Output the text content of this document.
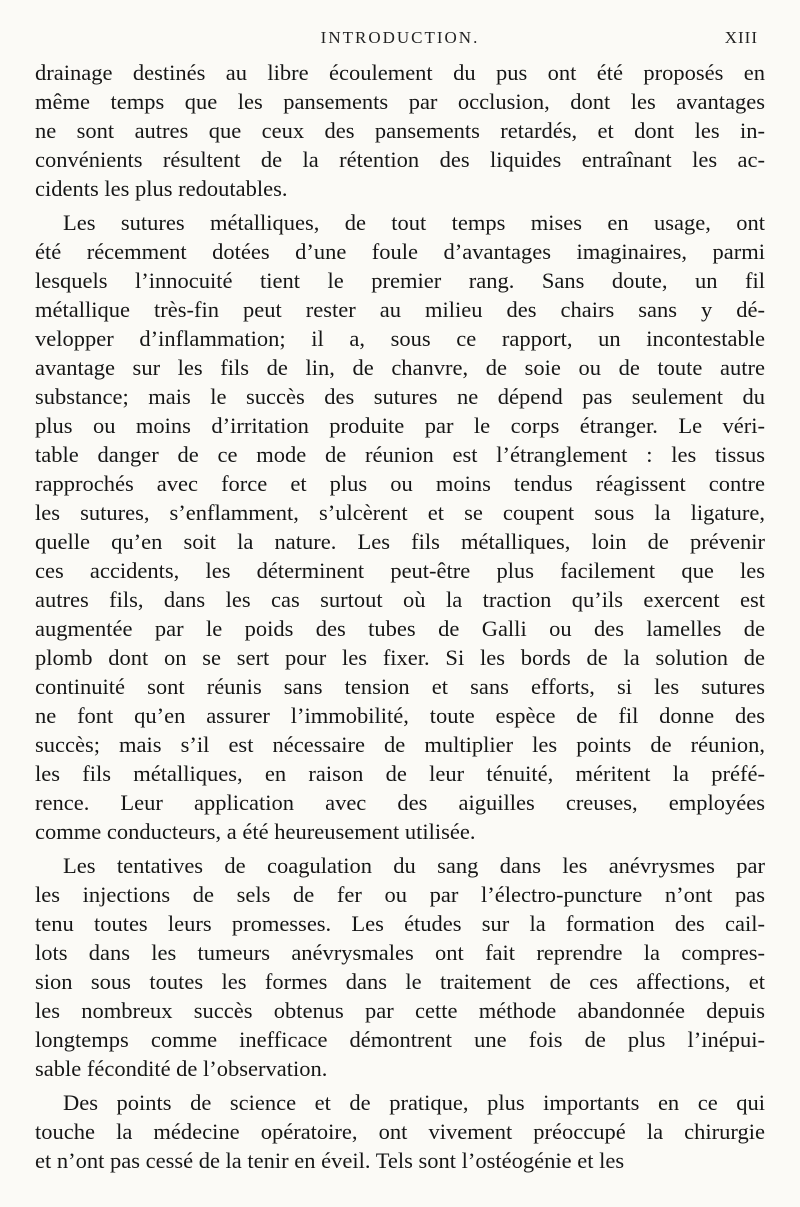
INTRODUCTION.	XIII
drainage destinés au libre écoulement du pus ont été proposés en
même temps que les pansements par occlusion, dont les avantages
ne sont autres que ceux des pansements retardés, et dont les in-
convénients résultent de la rétention des liquides entraînant les ac-
cidents les plus redoutables.
Les sutures métalliques, de tout temps mises en usage, ont
été récemment dotées d’une foule d’avantages imaginaires, parmi
lesquels l’innocuité tient le premier rang. Sans doute, un fil
métallique très-fin peut rester au milieu des chairs sans y dé-
velopper d’inflammation; il a, sous ce rapport, un incontestable
avantage sur les fils de lin, de chanvre, de soie ou de toute autre
substance; mais le succès des sutures ne dépend pas seulement du
plus ou moins d’irritation produite par le corps étranger. Le véri-
table danger de ce mode de réunion est l’étranglement : les tissus
rapprochés avec force et plus ou moins tendus réagissent contre
les sutures, s’enflamment, s’ulcèrent et se coupent sous la ligature,
quelle qu’en soit la nature. Les fils métalliques, loin de prévenir
ces accidents, les déterminent peut-être plus facilement que les
autres fils, dans les cas surtout où la traction qu’ils exercent est
augmentée par le poids des tubes de Galli ou des lamelles de
plomb dont on se sert pour les fixer. Si les bords de la solution de
continuité sont réunis sans tension et sans efforts, si les sutures
ne font qu’en assurer l’immobilité, toute espèce de fil donne des
succès; mais s’il est nécessaire de multiplier les points de réunion,
les fils métalliques, en raison de leur ténuité, méritent la préfé-
rence. Leur application avec des aiguilles creuses, employées
comme conducteurs, a été heureusement utilisée.
Les tentatives de coagulation du sang dans les anévrysmes par
les injections de sels de fer ou par l’électro-puncture n’ont pas
tenu toutes leurs promesses. Les études sur la formation des cail-
lots dans les tumeurs anévrysmales ont fait reprendre la compres-
sion sous toutes les formes dans le traitement de ces affections, et
les nombreux succès obtenus par cette méthode abandonnée depuis
longtemps comme inefficace démontrent une fois de plus l’inépui-
sable fécondité de l’observation.
Des points de science et de pratique, plus importants en ce qui
touche la médecine opératoire, ont vivement préoccupé la chirurgie
et n’ont pas cessé de la tenir en éveil. Tels sont l’ostéogénie et les
